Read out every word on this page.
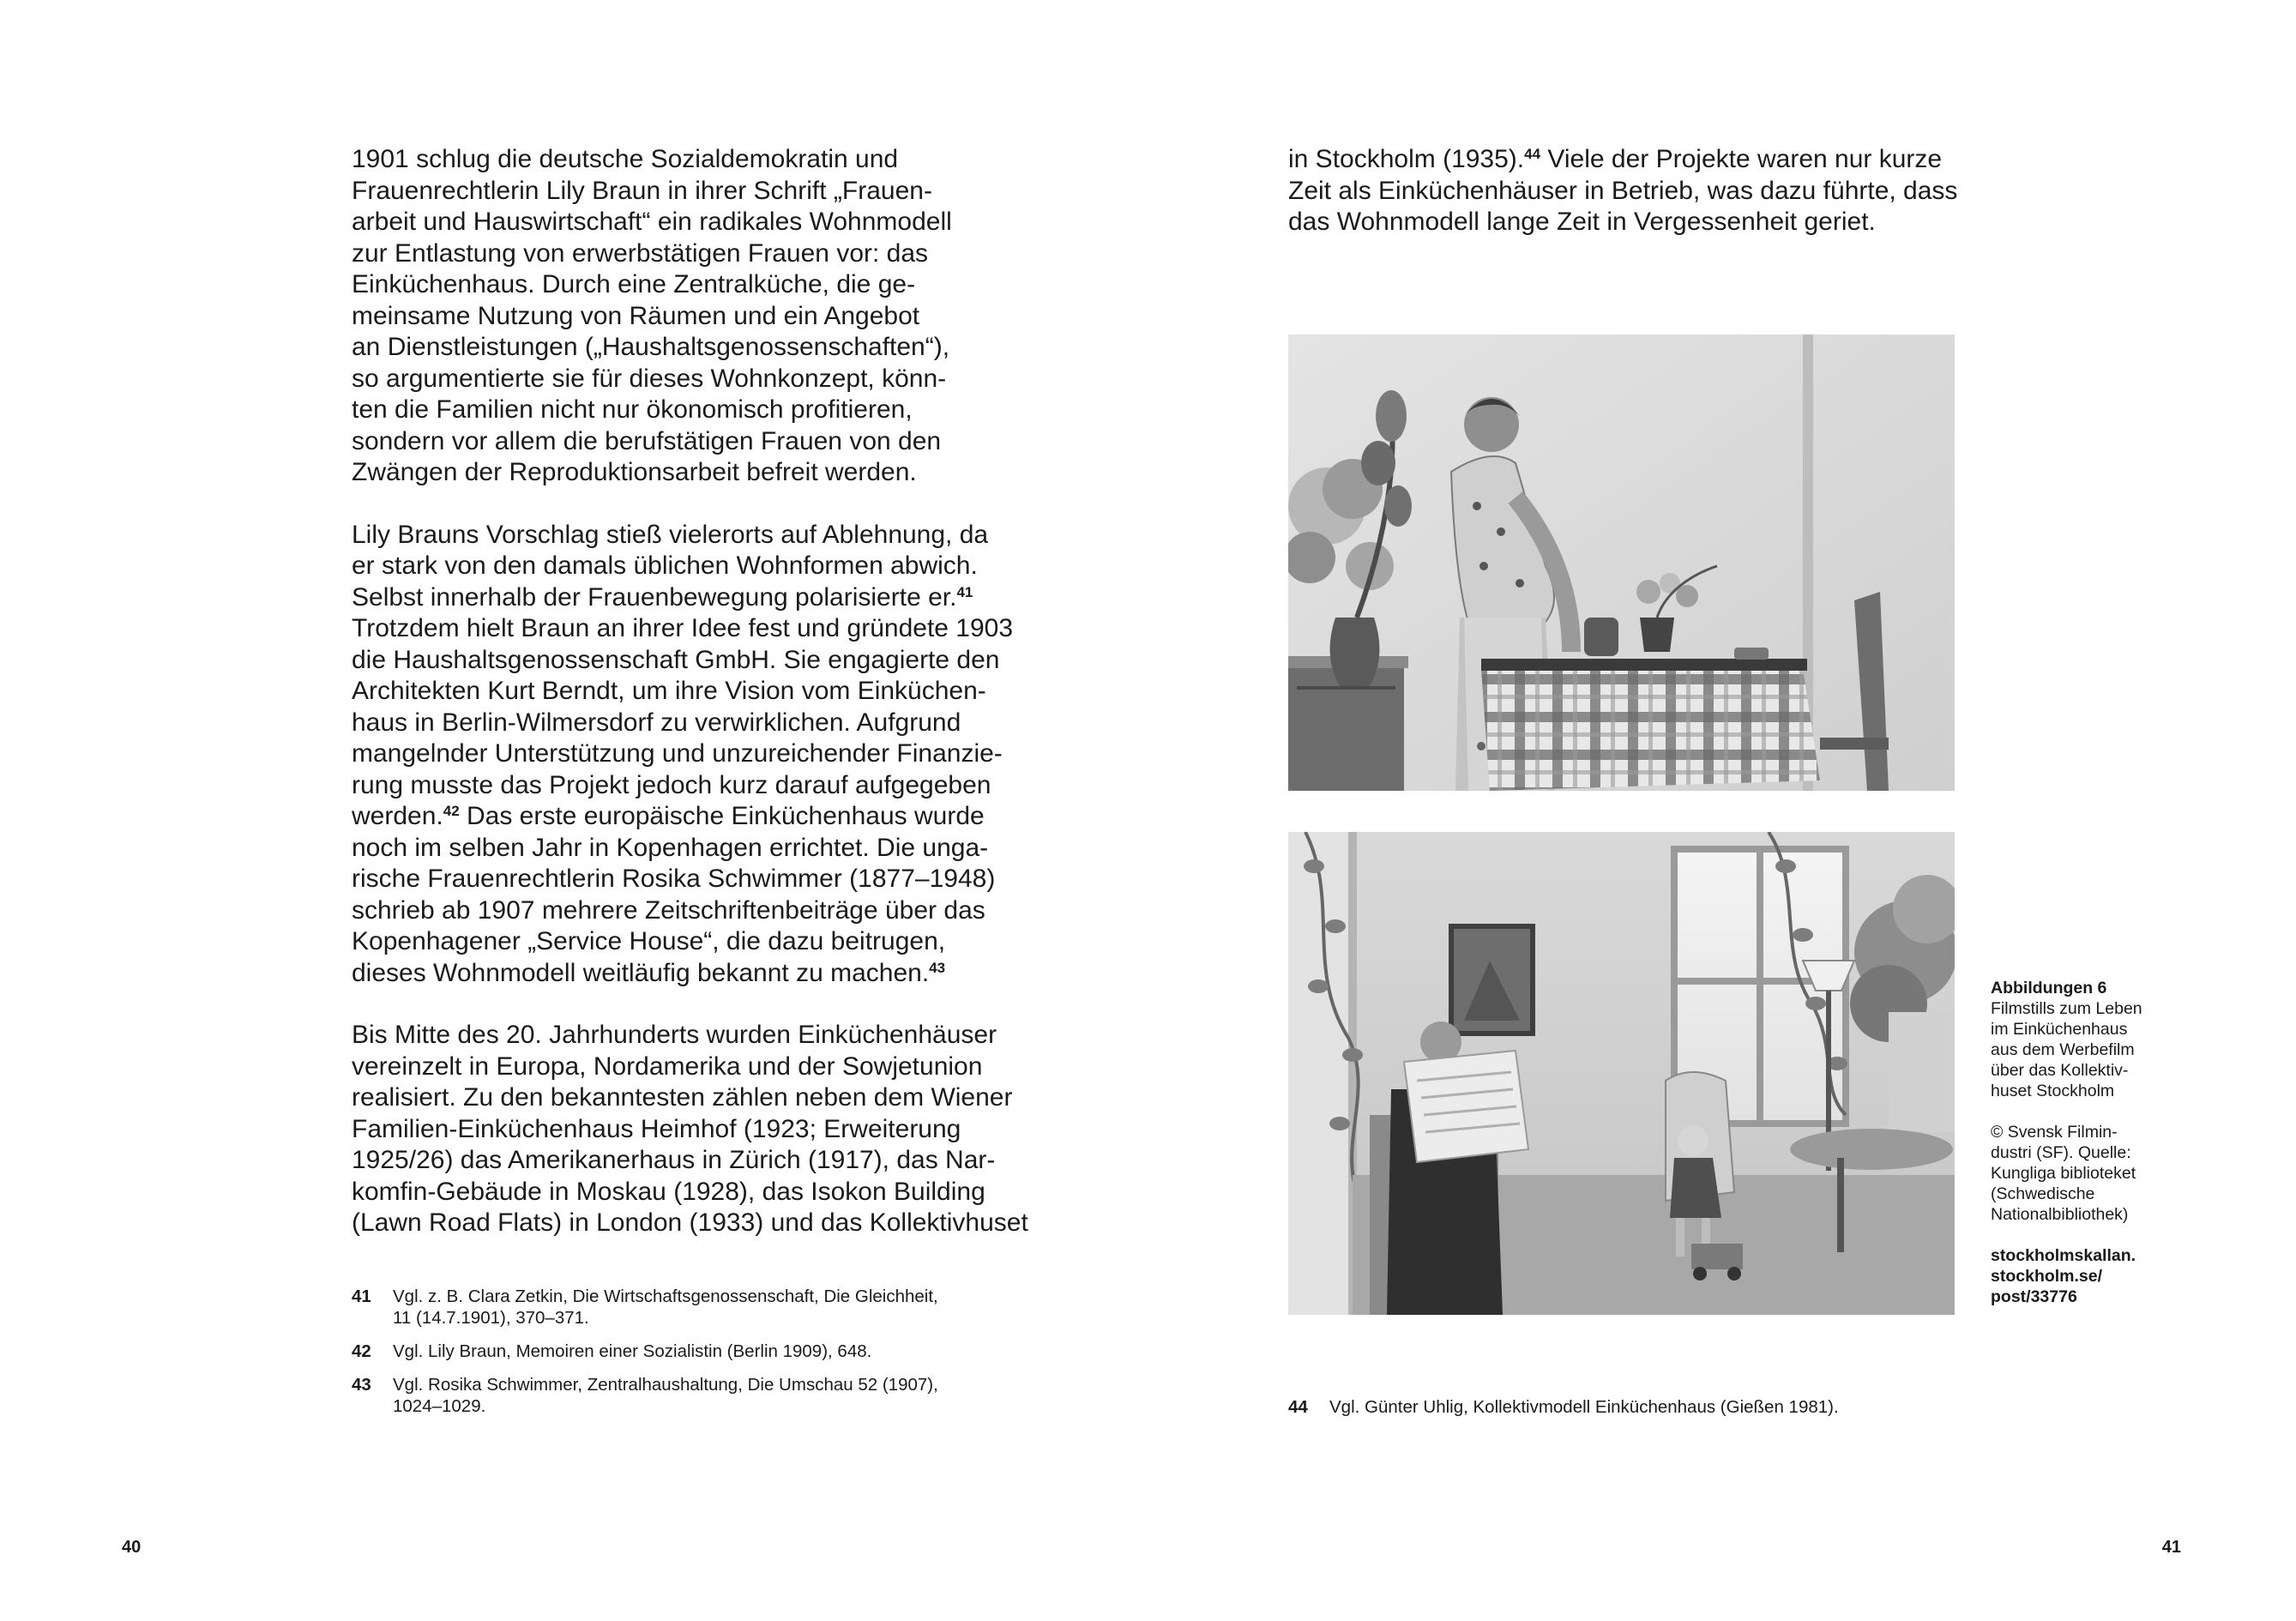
1901 schlug die deutsche Sozialdemokratin und
Frauenrechtlerin Lily Braun in ihrer Schrift „Frauen-
arbeit und Hauswirtschaft“ ein radikales Wohnmodell
zur Entlastung von erwerbstätigen Frauen vor: das
Einküchenhaus. Durch eine Zentralküche, die ge-
meinsame Nutzung von Räumen und ein Angebot
an Dienstleistungen („Haushaltsgenossenschaften“),
so argumentierte sie für dieses Wohnkonzept, könn-
ten die Familien nicht nur ökonomisch profitieren,
sondern vor allem die berufstätigen Frauen von den
Zwängen der Reproduktionsarbeit befreit werden.

Lily Brauns Vorschlag stieß vielerorts auf Ablehnung, da
er stark von den damals üblichen Wohnformen abwich.
Selbst innerhalb der Frauenbewegung polarisierte er.$^{41}$
Trotzdem hielt Braun an ihrer Idee fest und gründete 1903
die Haushaltsgenossenschaft GmbH. Sie engagierte den
Architekten Kurt Berndt, um ihre Vision vom Einküchen-
haus in Berlin-Wilmersdorf zu verwirklichen. Aufgrund
mangelnder Unterstützung und unzureichender Finanzie-
rung musste das Projekt jedoch kurz darauf aufgegeben
werden.$^{42}$ Das erste europäische Einküchenhaus wurde
noch im selben Jahr in Kopenhagen errichtet. Die unga-
rische Frauenrechtlerin Rosika Schwimmer (1877–1948)
schrieb ab 1907 mehrere Zeitschriftenbeiträge über das
Kopenhagener „Service House“, die dazu beitrugen,
dieses Wohnmodell weitläufig bekannt zu machen.$^{43}$

Bis Mitte des 20. Jahrhunderts wurden Einküchenhäuser
vereinzelt in Europa, Nordamerika und der Sowjetunion
realisiert. Zu den bekanntesten zählen neben dem Wiener
Familien-Einküchenhaus Heimhof (1923; Erweiterung
1925/26) das Amerikanerhaus in Zürich (1917), das Nar-
komfin-Gebäude in Moskau (1928), das Isokon Building
(Lawn Road Flats) in London (1933) und das Kollektivhuset

41 Vgl. z. B. Clara Zetkin, Die Wirtschaftsgenossenschaft, Die Gleichheit,
11 (14.7.1901), 370–371.
42 Vgl. Lily Braun, Memoiren einer Sozialistin (Berlin 1909), 648.
43 Vgl. Rosika Schwimmer, Zentralhaushaltung, Die Umschau 52 (1907),
1024–1029.
40

in Stockholm (1935).$^{44}$ Viele der Projekte waren nur kurze
Zeit als Einküchenhäuser in Betrieb, was dazu führte, dass
das Wohnmodell lange Zeit in Vergessenheit geriet.

Abbildungen 6
Filmstills zum Leben
im Einküchenhaus
aus dem Werbefilm
über das Kollektiv-
huset Stockholm
© Svensk Filmin-
dustri (SF). Quelle:
Kungliga biblioteket
(Schwedische
Nationalbibliothek)
stockholmskallan.
stockholm.se/
post/33776
44 Vgl. Günter Uhlig, Kollektivmodell Einküchenhaus (Gießen 1981).
41
